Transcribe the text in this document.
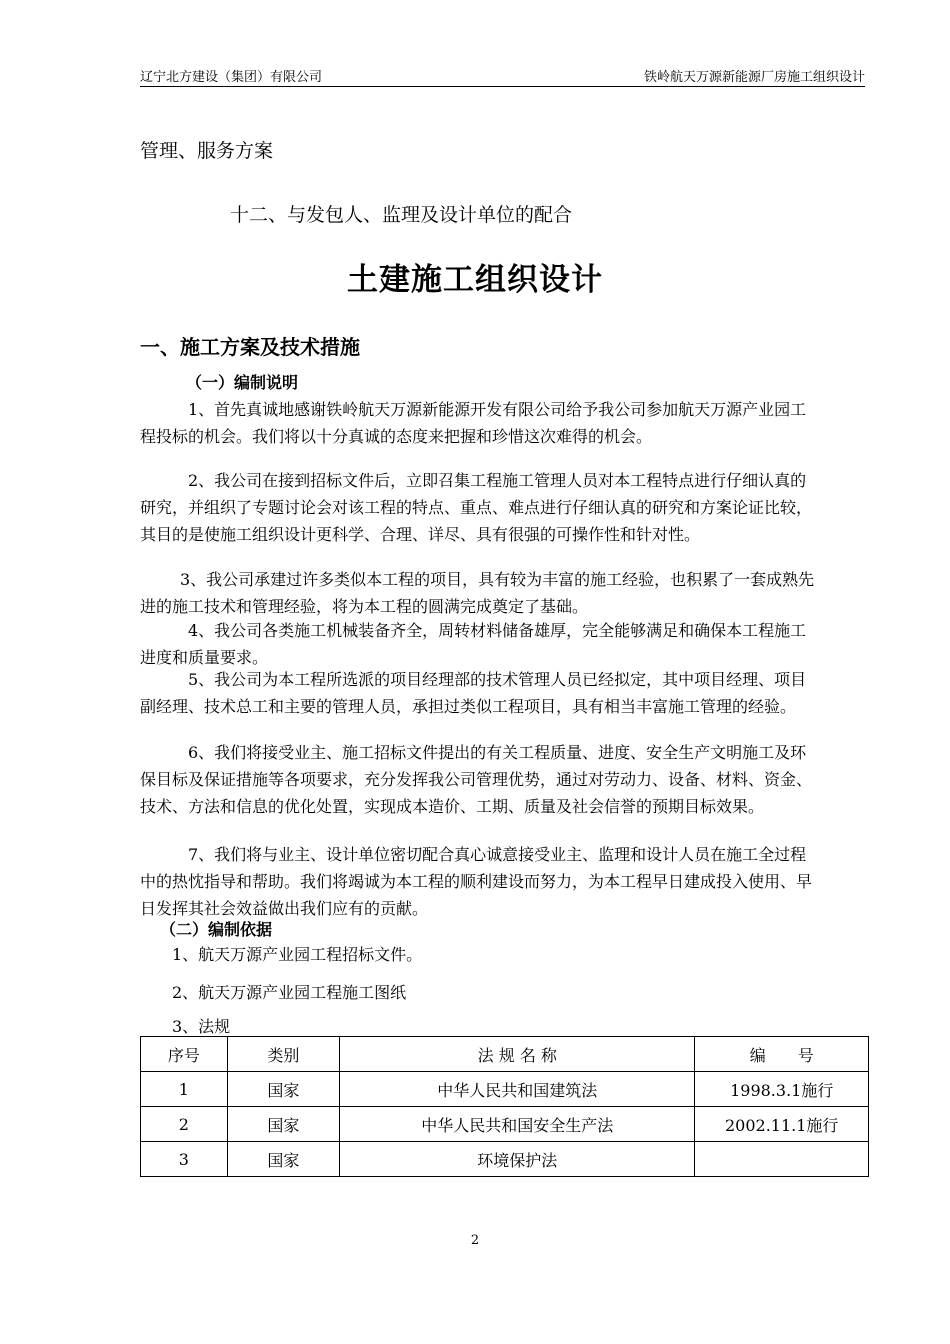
辽宁北方建设（集团）有限公司	铁岭航天万源新能源厂房施工组织设计
管理、服务方案
十二、与发包人、监理及设计单位的配合
土建施工组织设计
一、施工方案及技术措施
（一）编制说明
1、首先真诚地感谢铁岭航天万源新能源开发有限公司给予我公司参加航天万源产业园工程投标的机会。我们将以十分真诚的态度来把握和珍惜这次难得的机会。
2、我公司在接到招标文件后，立即召集工程施工管理人员对本工程特点进行仔细认真的研究，并组织了专题讨论会对该工程的特点、重点、难点进行仔细认真的研究和方案论证比较，其目的是使施工组织设计更科学、合理、详尽、具有很强的可操作性和针对性。
3、我公司承建过许多类似本工程的项目，具有较为丰富的施工经验，也积累了一套成熟先进的施工技术和管理经验，将为本工程的圆满完成奠定了基础。
4、我公司各类施工机械装备齐全，周转材料储备雄厚，完全能够满足和确保本工程施工进度和质量要求。
5、我公司为本工程所选派的项目经理部的技术管理人员已经拟定，其中项目经理、项目副经理、技术总工和主要的管理人员，承担过类似工程项目，具有相当丰富施工管理的经验。
6、我们将接受业主、施工招标文件提出的有关工程质量、进度、安全生产文明施工及环保目标及保证措施等各项要求，充分发挥我公司管理优势，通过对劳动力、设备、材料、资金、技术、方法和信息的优化处置，实现成本造价、工期、质量及社会信誉的预期目标效果。
7、我们将与业主、设计单位密切配合真心诚意接受业主、监理和设计人员在施工全过程中的热忱指导和帮助。我们将竭诚为本工程的顺利建设而努力，为本工程早日建成投入使用、早日发挥其社会效益做出我们应有的贡献。
（二）编制依据
1、航天万源产业园工程招标文件。
2、航天万源产业园工程施工图纸
3、法规
序号	类别	法 规 名 称	编　　号
1	国家	中华人民共和国建筑法	1998.3.1施行
2	国家	中华人民共和国安全生产法	2002.11.1施行
3	国家	环境保护法	
2
